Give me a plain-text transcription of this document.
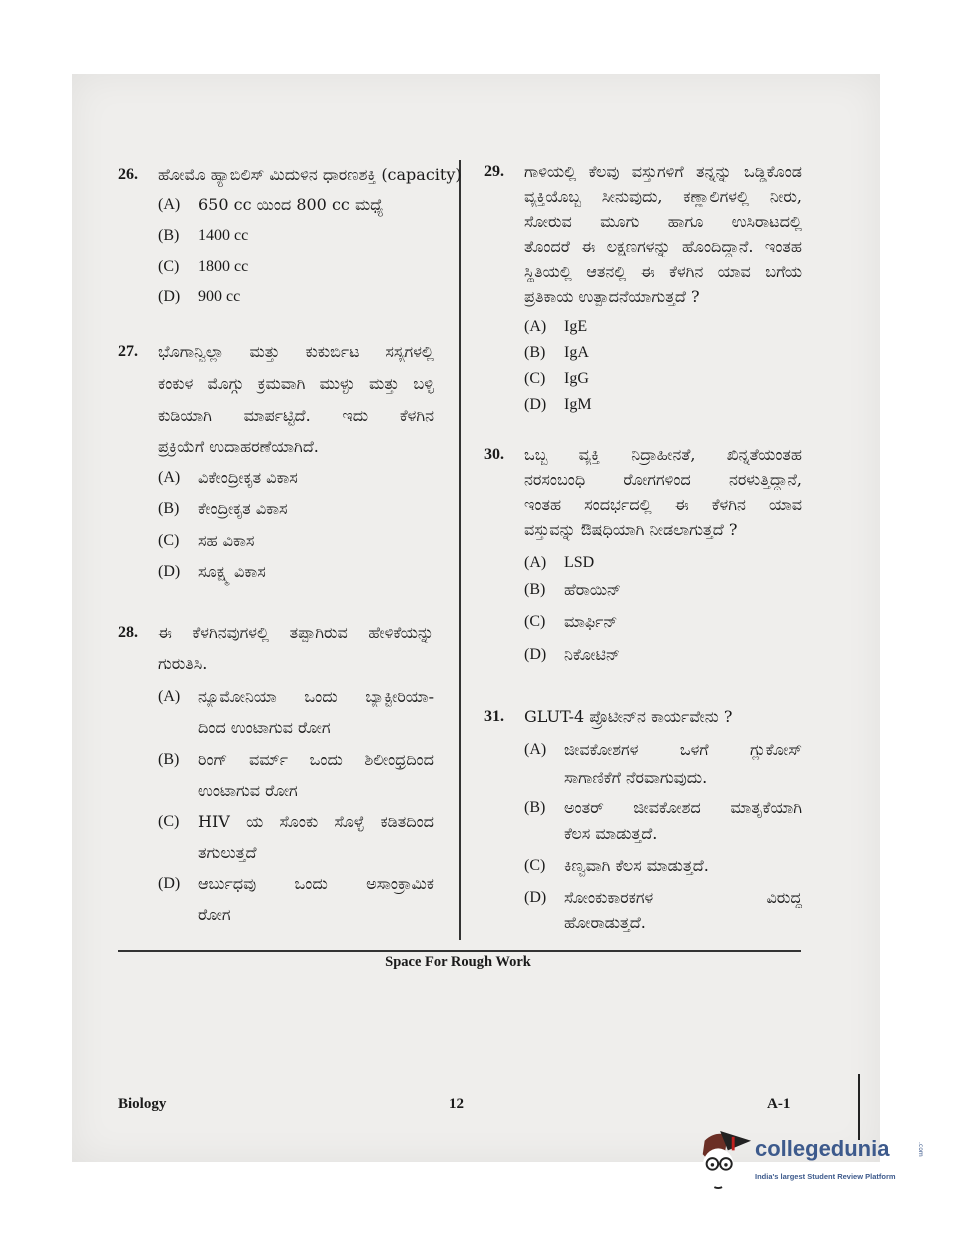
26. ಹೋಮೊ ಹ್ಯಾಬಿಲಿಸ್ ಮಿದುಳಿನ ಧಾರಣಶಕ್ತಿ (capacity)
(A) 650 cc ಯಿಂದ 800 cc ಮಧ್ಯೆ
(B) 1400 cc
(C) 1800 cc
(D) 900 cc
27. ಭೊಗಾನ್ವಿಲ್ಲಾ ಮತ್ತು ಕುಕುರ್ಬಿಟ ಸಸ್ಯಗಳಲ್ಲಿ
ಕಂಕುಳ ಮೊಗ್ಗು ಕ್ರಮವಾಗಿ ಮುಳ್ಳು ಮತ್ತು ಬಳ್ಳಿ
ಕುಡಿಯಾಗಿ ಮಾರ್ಪಟ್ಟಿದೆ. ಇದು ಕೆಳಗಿನ
ಪ್ರಕ್ರಿಯೆಗೆ ಉದಾಹರಣೆಯಾಗಿದೆ.
(A) ವಿಕೇಂದ್ರೀಕೃತ ವಿಕಾಸ
(B) ಕೇಂದ್ರೀಕೃತ ವಿಕಾಸ
(C) ಸಹ ವಿಕಾಸ
(D) ಸೂಕ್ಷ್ಮ ವಿಕಾಸ
28. ಈ ಕೆಳಗಿನವುಗಳಲ್ಲಿ ತಪ್ಪಾಗಿರುವ ಹೇಳಿಕೆಯನ್ನು
ಗುರುತಿಸಿ.
(A) ನ್ಯೂಮೋನಿಯಾ ಒಂದು ಬ್ಯಾಕ್ಟೀರಿಯಾ-
ದಿಂದ ಉಂಟಾಗುವ ರೋಗ
(B) ರಿಂಗ್ ವರ್ಮ್ ಒಂದು ಶಿಲೀಂಧ್ರದಿಂದ
ಉಂಟಾಗುವ ರೋಗ
(C) HIV ಯ ಸೊಂಕು ಸೊಳ್ಳೆ ಕಡಿತದಿಂದ
ತಗುಲುತ್ತದೆ
(D) ಆರ್ಬುಧವು ಒಂದು ಅಸಾಂಕ್ರಾಮಿಕ
ರೋಗ
29. ಗಾಳಿಯಲ್ಲಿ ಕೆಲವು ವಸ್ತುಗಳಿಗೆ ತನ್ನನ್ನು ಒಡ್ಡಿಕೊಂಡ
ವ್ಯಕ್ತಿಯೊಬ್ಬ ಸೀನುವುದು, ಕಣ್ಣಾಲಿಗಳಲ್ಲಿ ನೀರು,
ಸೋರುವ ಮೂಗು ಹಾಗೂ ಉಸಿರಾಟದಲ್ಲಿ
ತೊಂದರೆ ಈ ಲಕ್ಷಣಗಳನ್ನು ಹೊಂದಿದ್ದಾನೆ. ಇಂತಹ
ಸ್ಥಿತಿಯಲ್ಲಿ ಆತನಲ್ಲಿ ಈ ಕೆಳಗಿನ ಯಾವ ಬಗೆಯ
ಪ್ರತಿಕಾಯ ಉತ್ಪಾದನೆಯಾಗುತ್ತದೆ ?
(A) IgE
(B) IgA
(C) IgG
(D) IgM
30. ಒಬ್ಬ ವ್ಯಕ್ತಿ ನಿದ್ರಾಹೀನತೆ, ಖಿನ್ನತೆಯಂತಹ
ನರಸಂಬಂಧಿ ರೋಗಗಳಿಂದ ನರಳುತ್ತಿದ್ದಾನೆ,
ಇಂತಹ ಸಂದರ್ಭದಲ್ಲಿ ಈ ಕೆಳಗಿನ ಯಾವ
ವಸ್ತುವನ್ನು ಔಷಧಿಯಾಗಿ ನೀಡಲಾಗುತ್ತದೆ ?
(A) LSD
(B) ಹೆರಾಯಿನ್
(C) ಮಾರ್ಫಿನ್
(D) ನಿಕೋಟಿನ್
31. GLUT-4 ಪ್ರೊಟೀನ್‌ನ ಕಾರ್ಯವೇನು ?
(A) ಜೀವಕೋಶಗಳ ಒಳಗೆ ಗ್ಲುಕೋಸ್
ಸಾಗಾಣಿಕೆಗೆ ನೆರವಾಗುವುದು.
(B) ಅಂತರ್ ಜೀವಕೋಶದ ಮಾತೃಕೆಯಾಗಿ
ಕೆಲಸ ಮಾಡುತ್ತದೆ.
(C) ಕಿಣ್ವವಾಗಿ ಕೆಲಸ ಮಾಡುತ್ತದೆ.
(D) ಸೋಂಕುಕಾರಕಗಳ ವಿರುದ್ಧ
ಹೋರಾಡುತ್ತದೆ.
Space For Rough Work
Biology	12	A-1
collegedunia	.com
India's largest Student Review Platform
